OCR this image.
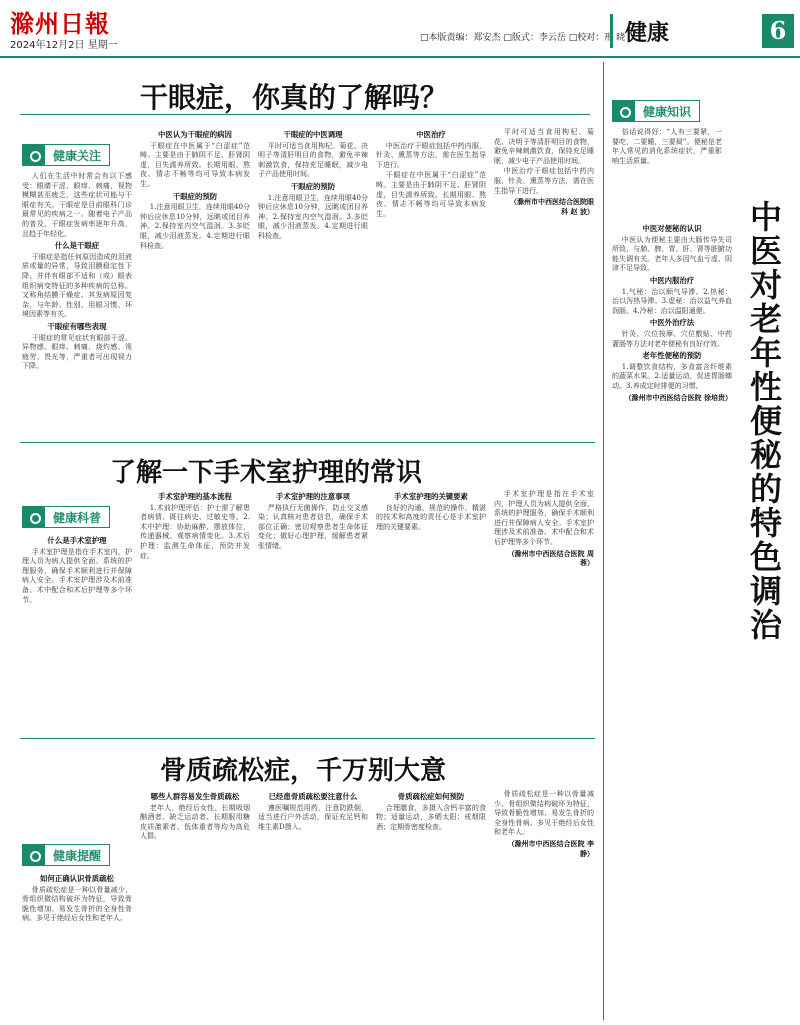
滁州日報
2024年12月2日 星期一
□本版责编：郑安杰 □版式：李云岳 □校对：邢 晓 健康	6
干眼症，你真的了解吗？
健康关注

人们在生活中时常会有以下感受：眼睛干涩、眼痒、刺痛，视物模糊甚至疲乏，这些症状可能与干眼症有关。干眼症是目前眼科门诊最常见的疾病之一。随着电子产品的普及，干眼症发病率逐年升高，且趋于年轻化。

什么是干眼症

干眼症是指任何原因造成的泪液质或量的异常，导致泪膜稳定性下降，并伴有眼部不适和（或）眼表组织病变特征的多种疾病的总称。又称角结膜干燥症。其发病原因复杂，与年龄、性别、用眼习惯、环境因素等有关。

干眼症有哪些表现

干眼症的常见症状有眼部干涩、异物感、眼痒、刺痛、烧灼感、视疲劳、畏光等，严重者可出现视力下降。

中医认为干眼症的病因

干眼症在中医属于“白涩症”范畴。主要是由于肺阴不足、肝肾阴虚，目失濡养所致。长期用眼、熬夜、情志不畅等均可导致本病发生。

干眼症的预防

1.注意用眼卫生，连续用眼40分钟后应休息10分钟，远眺或闭目养神。2.保持室内空气湿润。3.多眨眼，减少泪液蒸发。4.定期进行眼科检查。

干眼症的中医调理

平时可适当食用枸杞、菊花、决明子等清肝明目的食物，避免辛辣刺激饮食，保持充足睡眠，减少电子产品使用时间。

干眼症的预防

1.注意用眼卫生，连续用眼40分钟后应休息10分钟，远眺或闭目养神。2.保持室内空气湿润。3.多眨眼，减少泪液蒸发。4.定期进行眼科检查。

中医治疗

中医治疗干眼症包括中药内服、针灸、熏蒸等方法，需在医生指导下进行。

干眼症在中医属于“白涩症”范畴。主要是由于肺阴不足、肝肾阴虚，目失濡养所致。长期用眼、熬夜、情志不畅等均可导致本病发生。

平时可适当食用枸杞、菊花、决明子等清肝明目的食物，避免辛辣刺激饮食，保持充足睡眠，减少电子产品使用时间。

中医治疗干眼症包括中药内服、针灸、熏蒸等方法，需在医生指导下进行。

（滁州市中西医结合医院眼科 赵 波）

了解一下手术室护理的常识
健康科普

什么是手术室护理

手术室护理是指在手术室内，护理人员为病人提供全面、系统的护理服务，确保手术顺利进行并保障病人安全。手术室护理涉及术前准备、术中配合和术后护理等多个环节。

手术室护理的基本流程

1.术前护理评估：护士需了解患者病情、既往病史、过敏史等。2.术中护理：协助麻醉、摆放体位、传递器械、观察病情变化。3.术后护理：监测生命体征，预防并发症。

手术室护理的注意事项

严格执行无菌操作，防止交叉感染；认真核对患者信息，确保手术部位正确；密切观察患者生命体征变化；做好心理护理，缓解患者紧张情绪。

手术室护理的关键要素

良好的沟通、规范的操作、精湛的技术和高度的责任心是手术室护理的关键要素。

手术室护理是指在手术室内，护理人员为病人提供全面、系统的护理服务，确保手术顺利进行并保障病人安全。手术室护理涉及术前准备、术中配合和术后护理等多个环节。

（滁州市中西医结合医院 周 蓉）

骨质疏松症，千万别大意
健康提醒

如何正确认识骨质疏松

骨质疏松症是一种以骨量减少、骨组织微结构破坏为特征，导致骨脆性增加、易发生骨折的全身性骨病。多见于绝经后女性和老年人。

哪些人群容易发生骨质疏松

老年人、绝经后女性、长期吸烟酗酒者、缺乏运动者、长期服用糖皮质激素者、低体重者等均为高危人群。

已经患骨质疏松要注意什么

遵医嘱规范用药，注意防跌倒，适当进行户外活动，保证充足钙和维生素D摄入。

骨质疏松症如何预防

合理膳食，多摄入含钙丰富的食物；适量运动，多晒太阳；戒烟限酒；定期骨密度检查。

骨质疏松症是一种以骨量减少、骨组织微结构破坏为特征，导致骨脆性增加、易发生骨折的全身性骨病。多见于绝经后女性和老年人。

（滁州市中西医结合医院 李 静）

健康知识

俗话说得好：“人有三要紧，一要吃，二要睡，三要屙”。便秘是老年人常见的消化系统症状，严重影响生活质量。

中医对老年性便秘的特色调治

中医对便秘的认识

中医认为便秘主要由大肠传导失司所致，与肺、脾、胃、肝、肾等脏腑功能失调有关。老年人多因气血亏虚、阴津不足导致。

中医内服治疗

1.气秘：治以顺气导滞。2.热秘：治以泻热导滞。3.虚秘：治以益气养血润肠。4.冷秘：治以温阳通便。

中医外治疗法

针灸、穴位按摩、穴位敷贴、中药灌肠等方法对老年便秘有良好疗效。

老年性便秘的预防

1.调整饮食结构，多食富含纤维素的蔬菜水果。2.适量运动，促进胃肠蠕动。3.养成定时排便的习惯。

（滁州市中西医结合医院 徐培贵）
